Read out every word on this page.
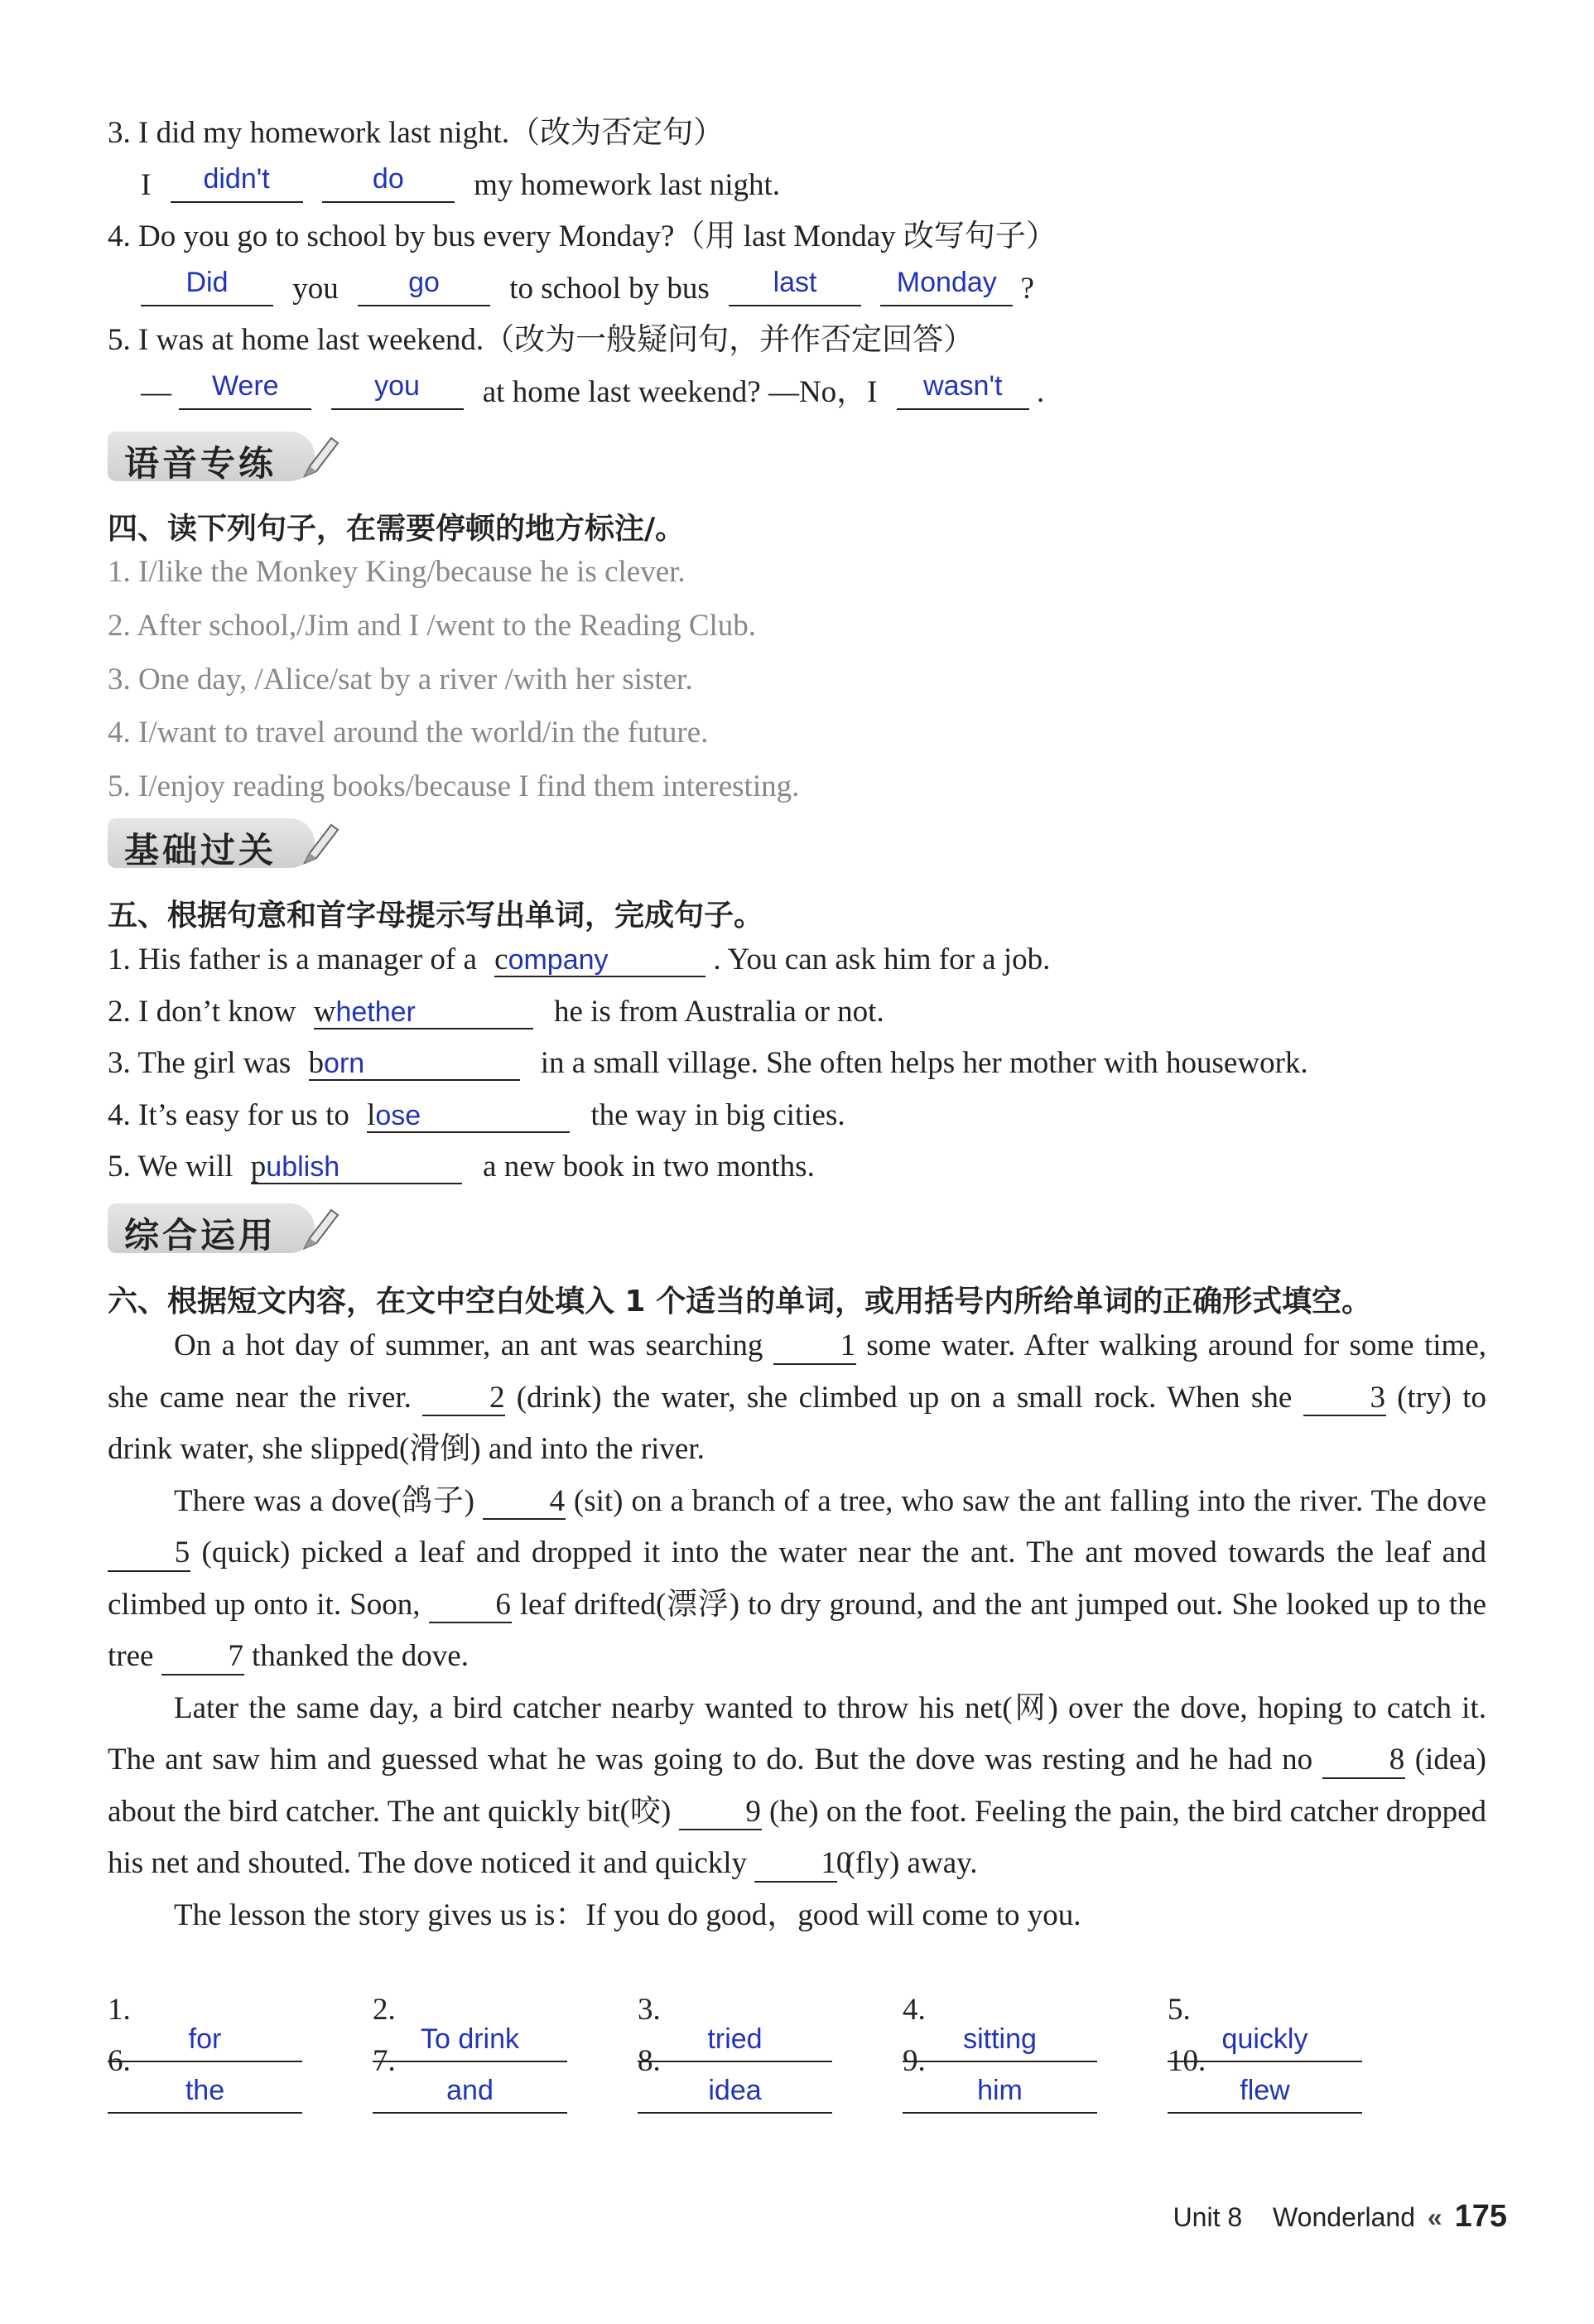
3. I did my homework last night.（改为否定句）
I didn't	do my homework last night.
4. Do you go to school by bus every Monday?（用 last Monday 改写句子）
Did you go to school by bus last	Monday ?
5. I was at home last weekend.（改为一般疑问句，并作否定回答）
— Were	you at home last weekend? —No，I wasn't .
语音专练
四、读下列句子，在需要停顿的地方标注/。
1. I/like the Monkey King/because he is clever.
2. After school,/Jim and I /went to the Reading Club.
3. One day, /Alice/sat by a river /with her sister.
4. I/want to travel around the world/in the future.
5. I/enjoy reading books/because I find them interesting.
基础过关
五、根据句意和首字母提示写出单词，完成句子。
1. His father is a manager of a company	. You can ask him for a job.
2. I don’t know whether	he is from Australia or not.
3. The girl was born	in a small village. She often helps her mother with housework.
4. It’s easy for us to lose	the way in big cities.
5. We will publish	a new book in two months.
综合运用
六、根据短文内容，在文中空白处填入 1 个适当的单词，或用括号内所给单词的正确形式填空。

On a hot day of summer, an ant was searching	1 some water. After walking around for some time, she came near the river.	2 (drink) the water, she climbed up on a small rock. When she	3 (try) to drink water, she slipped(滑倒) and into the river.

There was a dove(鸽子) 4 (sit) on a branch of a tree, who saw the ant falling into the river. The dove 5 (quick) picked a leaf and dropped it into the water near the ant. The ant moved towards the leaf and climbed up onto it. Soon, 6 leaf drifted(漂浮) to dry ground, and the ant jumped out. She looked up to the tree 7 thanked the dove.

Later the same day, a bird catcher nearby wanted to throw his net(网) over the dove, hoping to catch it. The ant saw him and guessed what he was going to do. But the dove was resting and he had no	8 (idea) about the bird catcher. The ant quickly bit(咬) 9 (he) on the foot. Feeling the pain, the bird catcher dropped his net and shouted. The dove noticed it and quickly 10 (fly) away.

The lesson the story gives us is：If you do good，good will come to you.

1.for
2.To drink
3.tried
4.sitting
5.quickly
6.the
7.and
8.idea
9.him
10.flew
Unit 8 Wonderland « 175
